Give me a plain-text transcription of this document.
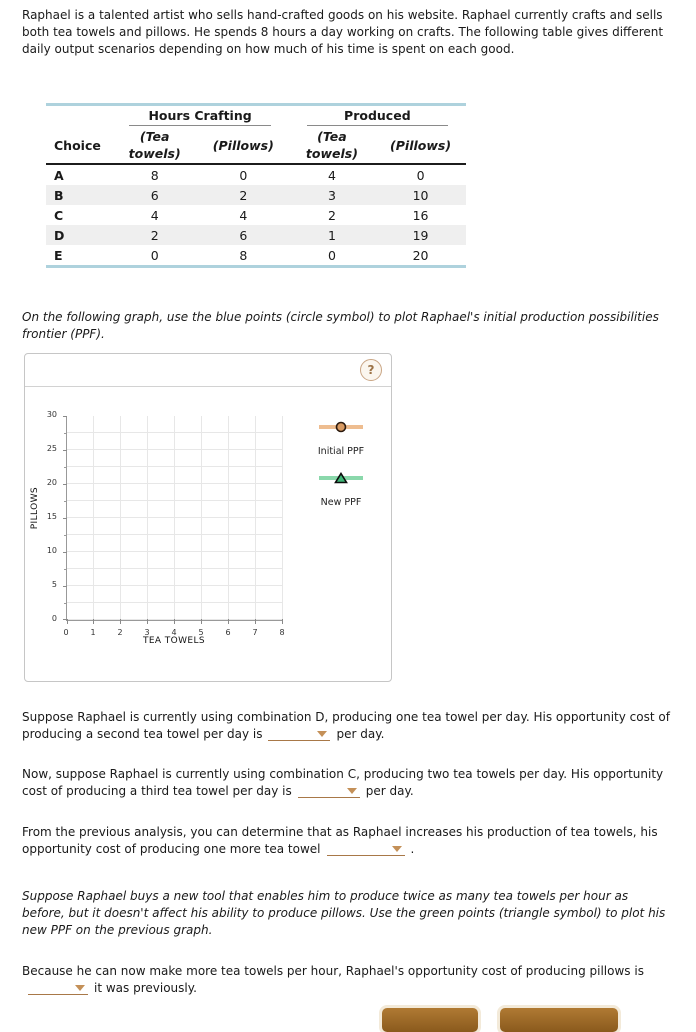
Raphael is a talented artist who sells hand-crafted goods on his website. Raphael currently crafts and sells both tea towels and pillows. He spends 8 hours a day working on crafts. The following table gives different daily output scenarios depending on how much of his time is spent on each good.

	Hours Crafting		Produced	

Choice	(Tea towels)	(Pillows)	(Tea towels)	(Pillows)
A	8	0	4	0
B	6	2	3	10
C	4	4	2	16
D	2	6	1	19
E	0	8	0	20

On the following graph, use the blue points (circle symbol) to plot Raphael's initial production possibilities frontier (PPF).

?
PILLOWS
0
5
10
15
20
25
30
0	1	2	3	4	5	6	7	8
TEA TOWELS
Initial PPF
New PPF

Suppose Raphael is currently using combination D, producing one tea towel per day. His opportunity cost of producing a second tea towel per day is	per day.

Now, suppose Raphael is currently using combination C, producing two tea towels per day. His opportunity cost of producing a third tea towel per day is	per day.

From the previous analysis, you can determine that as Raphael increases his production of tea towels, his opportunity cost of producing one more tea towel	.

Suppose Raphael buys a new tool that enables him to produce twice as many tea towels per hour as before, but it doesn't affect his ability to produce pillows. Use the green points (triangle symbol) to plot his new PPF on the previous graph.

Because he can now make more tea towels per hour, Raphael's opportunity cost of producing pillows is
it was previously.
